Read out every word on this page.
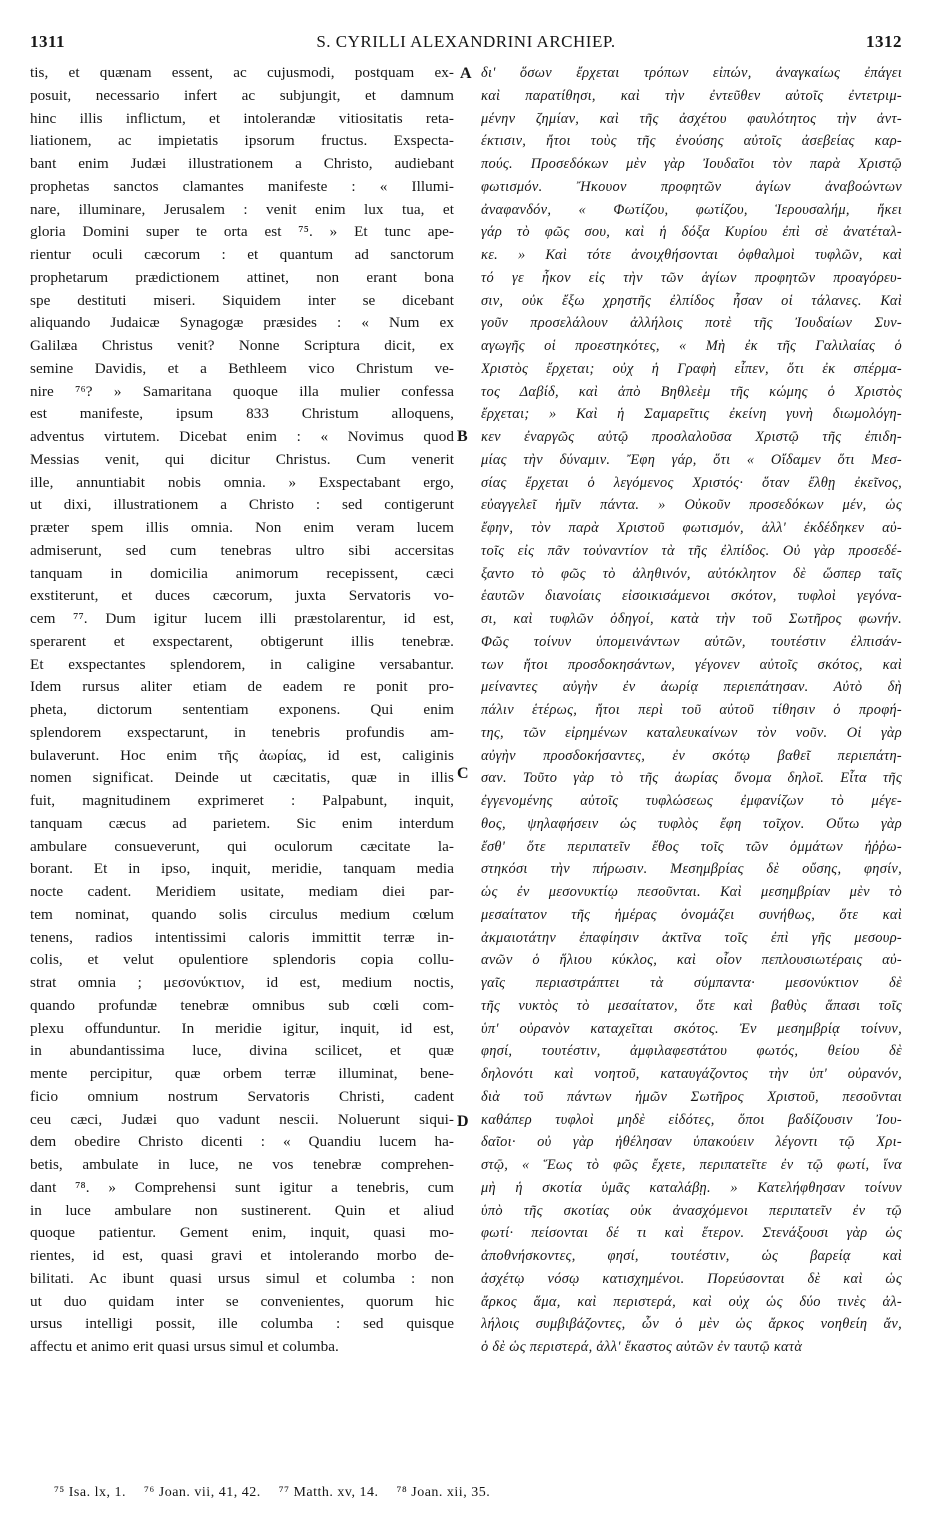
1311	S. CYRILLI ALEXANDRINI ARCHIEP.	1312
tis, et quænam essent, ac cujusmodi, postquam ex-
posuit, necessario infert ac subjungit, et damnum
hinc illis inflictum, et intolerandæ vitiositatis reta-
liationem, ac impietatis ipsorum fructus. Exspecta-
bant enim Judæi illustrationem a Christo, audiebant
prophetas sanctos clamantes manifeste : « Illumi-
nare, illuminare, Jerusalem : venit enim lux tua, et
gloria Domini super te orta est ⁷⁵. » Et tunc ape-
rientur oculi cæcorum : et quantum ad sanctorum
prophetarum prædictionem attinet, non erant bona
spe destituti miseri. Siquidem inter se dicebant
aliquando Judaicæ Synagogæ præsides : « Num ex
Galilæa Christus venit? Nonne Scriptura dicit, ex
semine Davidis, et a Bethleem vico Christum ve-
nire ⁷⁶? » Samaritana quoque illa mulier confessa
est manifeste, ipsum 833 Christum alloquens,
adventus virtutem. Dicebat enim : « Novimus quod
Messias venit, qui dicitur Christus. Cum venerit
ille, annuntiabit nobis omnia. » Exspectabant ergo,
ut dixi, illustrationem a Christo : sed contigerunt
præter spem illis omnia. Non enim veram lucem
admiserunt, sed cum tenebras ultro sibi accersitas
tanquam in domicilia animorum recepissent, cæci
exstiterunt, et duces cæcorum, juxta Servatoris vo-
cem ⁷⁷. Dum igitur lucem illi præstolarentur, id est,
sperarent et exspectarent, obtigerunt illis tenebræ.
Et exspectantes splendorem, in caligine versabantur.
Idem rursus aliter etiam de eadem re ponit pro-
pheta, dictorum sententiam exponens. Qui enim
splendorem exspectarunt, in tenebris profundis am-
bulaverunt. Hoc enim τῆς ἀωρίας, id est, caliginis
nomen significat. Deinde ut cæcitatis, quæ in illis
fuit, magnitudinem exprimeret : Palpabunt, inquit,
tanquam cæcus ad parietem. Sic enim interdum
ambulare consueverunt, qui oculorum cæcitate la-
borant. Et in ipso, inquit, meridie, tanquam media
nocte cadent. Meridiem usitate, mediam diei par-
tem nominat, quando solis circulus medium cœlum
tenens, radios intentissimi caloris immittit terræ in-
colis, et velut opulentiore splendoris copia collu-
strat omnia ; μεσονύκτιον, id est, medium noctis,
quando profundæ tenebræ omnibus sub cœli com-
plexu offunduntur. In meridie igitur, inquit, id est,
in abundantissima luce, divina scilicet, et quæ
mente percipitur, quæ orbem terræ illuminat, bene-
ficio omnium nostrum Servatoris Christi, cadent
ceu cæci, Judæi quo vadunt nescii. Noluerunt siqui-
dem obedire Christo dicenti : « Quandiu lucem ha-
betis, ambulate in luce, ne vos tenebræ comprehen-
dant ⁷⁸. » Comprehensi sunt igitur a tenebris, cum
in luce ambulare non sustinerent. Quin et aliud
quoque patientur. Gement enim, inquit, quasi mo-
rientes, id est, quasi gravi et intolerando morbo de-
bilitati. Ac ibunt quasi ursus simul et columba : non
ut duo quidam inter se convenientes, quorum hic
ursus intelligi possit, ille columba : sed quisque
affectu et animo erit quasi ursus simul et columba.
A
B
C
D
δι' ὅσων ἔρχεται τρόπων εἰπών, ἀναγκαίως ἐπάγει
καὶ παρατίθησι, καὶ τὴν ἐντεῦθεν αὐτοῖς ἐντετριμ-
μένην ζημίαν, καὶ τῆς ἀσχέτου φαυλότητος τὴν ἀντ-
έκτισιν, ἤτοι τοὺς τῆς ἐνούσης αὐτοῖς ἀσεβείας καρ-
πούς. Προσεδόκων μὲν γὰρ Ἰουδαῖοι τὸν παρὰ Χριστῷ
φωτισμόν. Ἤκουον προφητῶν ἁγίων ἀναβοώντων
ἀναφανδόν, « Φωτίζου, φωτίζου, Ἱερουσαλήμ, ἥκει
γάρ τὸ φῶς σου, καὶ ἡ δόξα Κυρίου ἐπὶ σὲ ἀνατέταλ-
κε. » Καὶ τότε ἀνοιχθήσονται ὀφθαλμοὶ τυφλῶν, καὶ
τό γε ἧκον εἰς τὴν τῶν ἁγίων προφητῶν προαγόρευ-
σιν, οὐκ ἔξω χρηστῆς ἐλπίδος ἦσαν οἱ τάλανες. Καὶ
γοῦν προσελάλουν ἀλλήλοις ποτὲ τῆς Ἰουδαίων Συν-
αγωγῆς οἱ προεστηκότες, « Μὴ ἐκ τῆς Γαλιλαίας ὁ
Χριστὸς ἔρχεται; οὐχ ἡ Γραφὴ εἶπεν, ὅτι ἐκ σπέρμα-
τος Δαβίδ, καὶ ἀπὸ Βηθλεὲμ τῆς κώμης ὁ Χριστὸς
ἔρχεται; » Καὶ ἡ Σαμαρεῖτις ἐκείνη γυνὴ διωμολόγη-
κεν ἐναργῶς αὐτῷ προσλαλοῦσα Χριστῷ τῆς ἐπιδη-
μίας τὴν δύναμιν. Ἔφη γάρ, ὅτι « Οἴδαμεν ὅτι Μεσ-
σίας ἔρχεται ὁ λεγόμενος Χριστός· ὅταν ἔλθῃ ἐκεῖνος,
εὐαγγελεῖ ἡμῖν πάντα. » Οὐκοῦν προσεδόκων μέν, ὡς
ἔφην, τὸν παρὰ Χριστοῦ φωτισμόν, ἀλλ' ἐκδέδηκεν αὐ-
τοῖς εἰς πᾶν τοὐναντίον τὰ τῆς ἐλπίδος. Οὐ γὰρ προσεδέ-
ξαντο τὸ φῶς τὸ ἀληθινόν, αὐτόκλητον δὲ ὥσπερ ταῖς
ἑαυτῶν διανοίαις εἰσοικισάμενοι σκότον, τυφλοὶ γεγόνα-
σι, καὶ τυφλῶν ὁδηγοί, κατὰ τὴν τοῦ Σωτῆρος φωνήν.
Φῶς τοίνυν ὑπομεινάντων αὐτῶν, τουτέστιν ἐλπισάν-
των ἤτοι προσδοκησάντων, γέγονεν αὐτοῖς σκότος, καὶ
μείναντες αὐγὴν ἐν ἀωρίᾳ περιεπάτησαν. Αὐτὸ δὴ
πάλιν ἑτέρως, ἤτοι περὶ τοῦ αὐτοῦ τίθησιν ὁ προφή-
της, τῶν εἰρημένων καταλευκαίνων τὸν νοῦν. Οἱ γὰρ
αὐγὴν προσδοκήσαντες, ἐν σκότῳ βαθεῖ περιεπάτη-
σαν. Τοῦτο γὰρ τὸ τῆς ἀωρίας ὄνομα δηλοῖ. Εἶτα τῆς
ἐγγενομένης αὐτοῖς τυφλώσεως ἐμφανίζων τὸ μέγε-
θος, ψηλαφήσειν ὡς τυφλὸς ἔφη τοῖχον. Οὕτω γὰρ
ἔσθ' ὅτε περιπατεῖν ἔθος τοῖς τῶν ὀμμάτων ἠῤῥω-
στηκόσι τὴν πήρωσιν. Μεσημβρίας δὲ οὔσης, φησίν,
ὡς ἐν μεσονυκτίῳ πεσοῦνται. Καὶ μεσημβρίαν μὲν τὸ
μεσαίτατον τῆς ἡμέρας ὀνομάζει συνήθως, ὅτε καὶ
ἀκμαιοτάτην ἐπαφίησιν ἀκτῖνα τοῖς ἐπὶ γῆς μεσουρ-
ανῶν ὁ ἥλιου κύκλος, καὶ οἷον πεπλουσιωτέραις αὐ-
γαῖς περιαστράπτει τὰ σύμπαντα· μεσονύκτιον δὲ
τῆς νυκτὸς τὸ μεσαίτατον, ὅτε καὶ βαθὺς ἅπασι τοῖς
ὑπ' οὐρανὸν καταχεῖται σκότος. Ἐν μεσημβρίᾳ τοίνυν,
φησί, τουτέστιν, ἀμφιλαφεστάτου φωτός, θείου δὲ
δηλονότι καὶ νοητοῦ, καταυγάζοντος τὴν ὑπ' οὐρανόν,
διὰ τοῦ πάντων ἡμῶν Σωτῆρος Χριστοῦ, πεσοῦνται
καθάπερ τυφλοὶ μηδὲ εἰδότες, ὅποι βαδίζουσιν Ἰου-
δαῖοι· οὐ γὰρ ἠθέλησαν ὑπακούειν λέγοντι τῷ Χρι-
στῷ, « Ἕως τὸ φῶς ἔχετε, περιπατεῖτε ἐν τῷ φωτί, ἵνα
μὴ ἡ σκοτία ὑμᾶς καταλάβῃ. » Κατελήφθησαν τοίνυν
ὑπὸ τῆς σκοτίας οὐκ ἀνασχόμενοι περιπατεῖν ἐν τῷ
φωτί· πείσονται δέ τι καὶ ἕτερον. Στενάξουσι γὰρ ὡς
ἀποθνήσκοντες, φησί, τουτέστιν, ὡς βαρείᾳ καὶ
ἀσχέτῳ νόσῳ κατισχημένοι. Πορεύσονται δὲ καὶ ὡς
ἄρκος ἅμα, καὶ περιστερά, καὶ οὐχ ὡς δύο τινὲς ἀλ-
λήλοις συμβιβάζοντες, ὧν ὁ μὲν ὡς ἄρκος νοηθείη ἄν,
ὁ δὲ ὡς περιστερά, ἀλλ' ἕκαστος αὐτῶν ἐν ταυτῷ κατὰ
⁷⁵ Isa. lx, 1. ⁷⁶ Joan. vii, 41, 42. ⁷⁷ Matth. xv, 14. ⁷⁸ Joan. xii, 35.
